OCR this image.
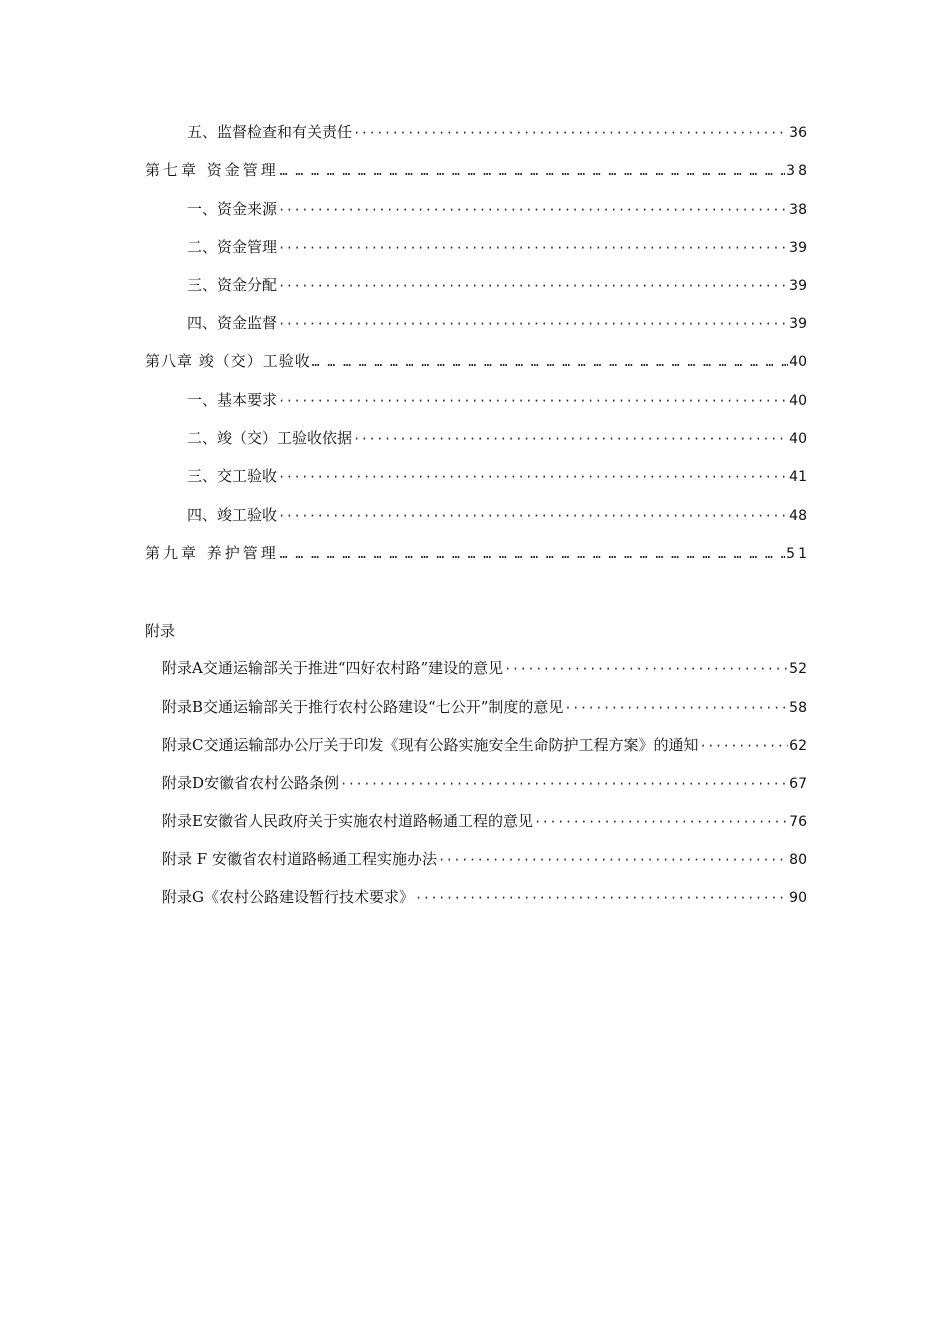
五、监督检查和有关责任 ·····	36
第七章 资金管理 … … … … … … … … … … … … … … … … … … … … … … … … … … … … … … … … … … … … … … … … … … … … … … … … … … … … … … … …	38
一、资金来源 ·····	38
二、资金管理 ·····	39
三、资金分配 ·····	39
四、资金监督 ·····	39
第八章 竣（交）工验收 … … … … … … … … … … … … … … … … … … … … … … … … … … … … … … … … … … … … … … … … … … … … … … … … … … … … … … … …	40
一、基本要求 ·····	40
二、竣（交）工验收依据 ·····	40
三、交工验收 ·····	41
四、竣工验收 ·····	48
第九章 养护管理 … … … … … … … … … … … … … … … … … … … … … … … … … … … … … … … … … … … … … … … … … … … … … … … … … … … … … … … …	51
附录
附录A交通运输部关于推进“四好农村路”建设的意见 ·····	52
附录B交通运输部关于推行农村公路建设“七公开”制度的意见 ·····	58
附录C交通运输部办公厅关于印发《现有公路实施安全生命防护工程方案》的通知 ·····	62
附录D安徽省农村公路条例 ·····	67
附录E安徽省人民政府关于实施农村道路畅通工程的意见 ·····	76
附录 F 安徽省农村道路畅通工程实施办法 ·····	80
附录G《农村公路建设暂行技术要求》 ·····	90
